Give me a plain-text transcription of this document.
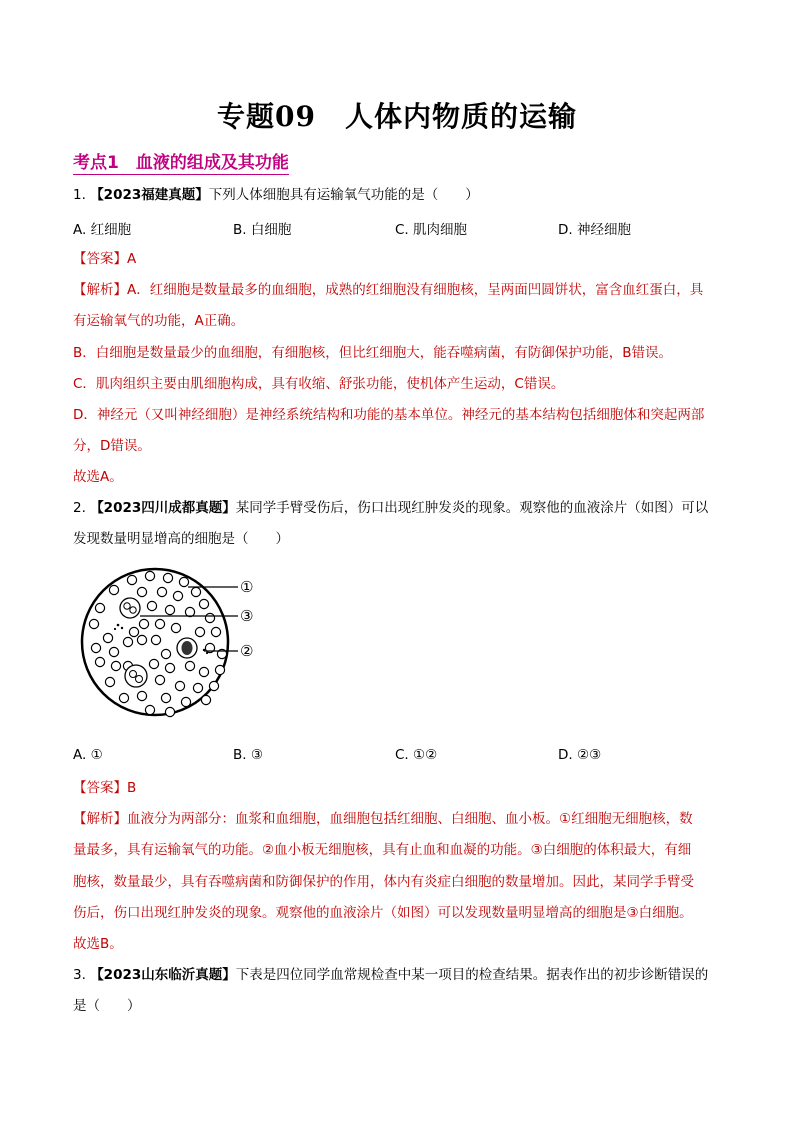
专题09　人体内物质的运输
考点1　血液的组成及其功能
1. 【2023福建真题】下列人体细胞具有运输氧气功能的是（　　）
A. 红细胞	B. 白细胞	C. 肌肉细胞	D. 神经细胞
【答案】A
【解析】A．红细胞是数量最多的血细胞，成熟的红细胞没有细胞核，呈两面凹圆饼状，富含血红蛋白，具
有运输氧气的功能，A正确。
B．白细胞是数量最少的血细胞，有细胞核，但比红细胞大，能吞噬病菌，有防御保护功能，B错误。
C．肌肉组织主要由肌细胞构成，具有收缩、舒张功能，使机体产生运动，C错误。
D．神经元（又叫神经细胞）是神经系统结构和功能的基本单位。神经元的基本结构包括细胞体和突起两部
分，D错误。
故选A。
2. 【2023四川成都真题】某同学手臂受伤后，伤口出现红肿发炎的现象。观察他的血液涂片（如图）可以
发现数量明显增高的细胞是（　　）
①
③
②
A. ①	B. ③	C. ①②	D. ②③
【答案】B
【解析】血液分为两部分：血浆和血细胞，血细胞包括红细胞、白细胞、血小板。①红细胞无细胞核，数
量最多，具有运输氧气的功能。②血小板无细胞核，具有止血和血凝的功能。③白细胞的体积最大，有细
胞核，数量最少，具有吞噬病菌和防御保护的作用，体内有炎症白细胞的数量增加。因此，某同学手臂受
伤后，伤口出现红肿发炎的现象。观察他的血液涂片（如图）可以发现数量明显增高的细胞是③白细胞。
故选B。
3. 【2023山东临沂真题】下表是四位同学血常规检查中某一项目的检查结果。据表作出的初步诊断错误的
是（　　）
